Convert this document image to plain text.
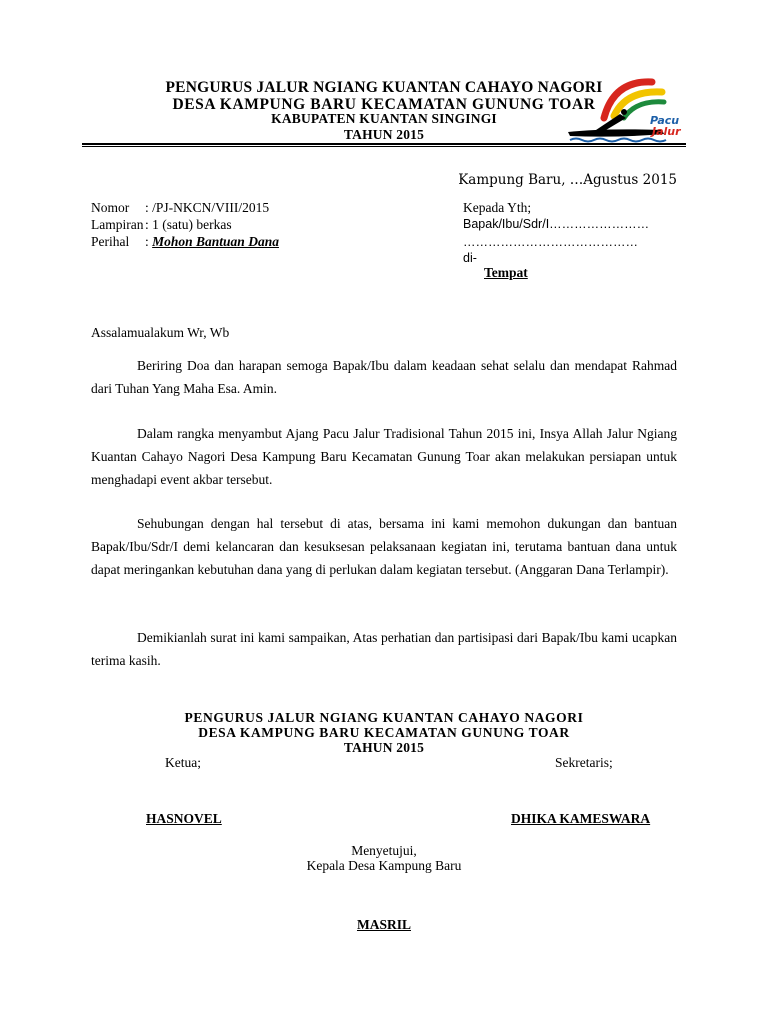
PENGURUS JALUR NGIANG KUANTAN CAHAYO NAGORI
DESA KAMPUNG BARU KECAMATAN GUNUNG TOAR
KABUPATEN KUANTAN SINGINGI
TAHUN 2015
Pacu
Jalur
Kampung Baru, …Agustus 2015
Nomor : /PJ-NKCN/VIII/2015
Lampiran : 1 (satu) berkas
Perihal : Mohon Bantuan Dana
Kepada Yth;
Bapak/Ibu/Sdr/I……………………
……………………………………
di-
Tempat
Assalamualakum Wr, Wb
Beriring Doa dan harapan semoga Bapak/Ibu dalam keadaan sehat selalu dan mendapat Rahmad dari Tuhan Yang Maha Esa. Amin.
Dalam rangka menyambut Ajang Pacu Jalur Tradisional Tahun 2015 ini, Insya Allah Jalur Ngiang Kuantan Cahayo Nagori Desa Kampung Baru Kecamatan Gunung Toar akan melakukan persiapan untuk menghadapi event akbar tersebut.
Sehubungan dengan hal tersebut di atas, bersama ini kami memohon dukungan dan bantuan Bapak/Ibu/Sdr/I demi kelancaran dan kesuksesan pelaksanaan kegiatan ini, terutama bantuan dana untuk dapat meringankan kebutuhan dana yang di perlukan dalam kegiatan tersebut. (Anggaran Dana Terlampir).
Demikianlah surat ini kami sampaikan, Atas perhatian dan partisipasi dari Bapak/Ibu kami ucapkan terima kasih.
PENGURUS JALUR NGIANG KUANTAN CAHAYO NAGORI
DESA KAMPUNG BARU KECAMATAN GUNUNG TOAR
TAHUN 2015
Ketua;	Sekretaris;
HASNOVEL	DHIKA KAMESWARA
Menyetujui,
Kepala Desa Kampung Baru
MASRIL
